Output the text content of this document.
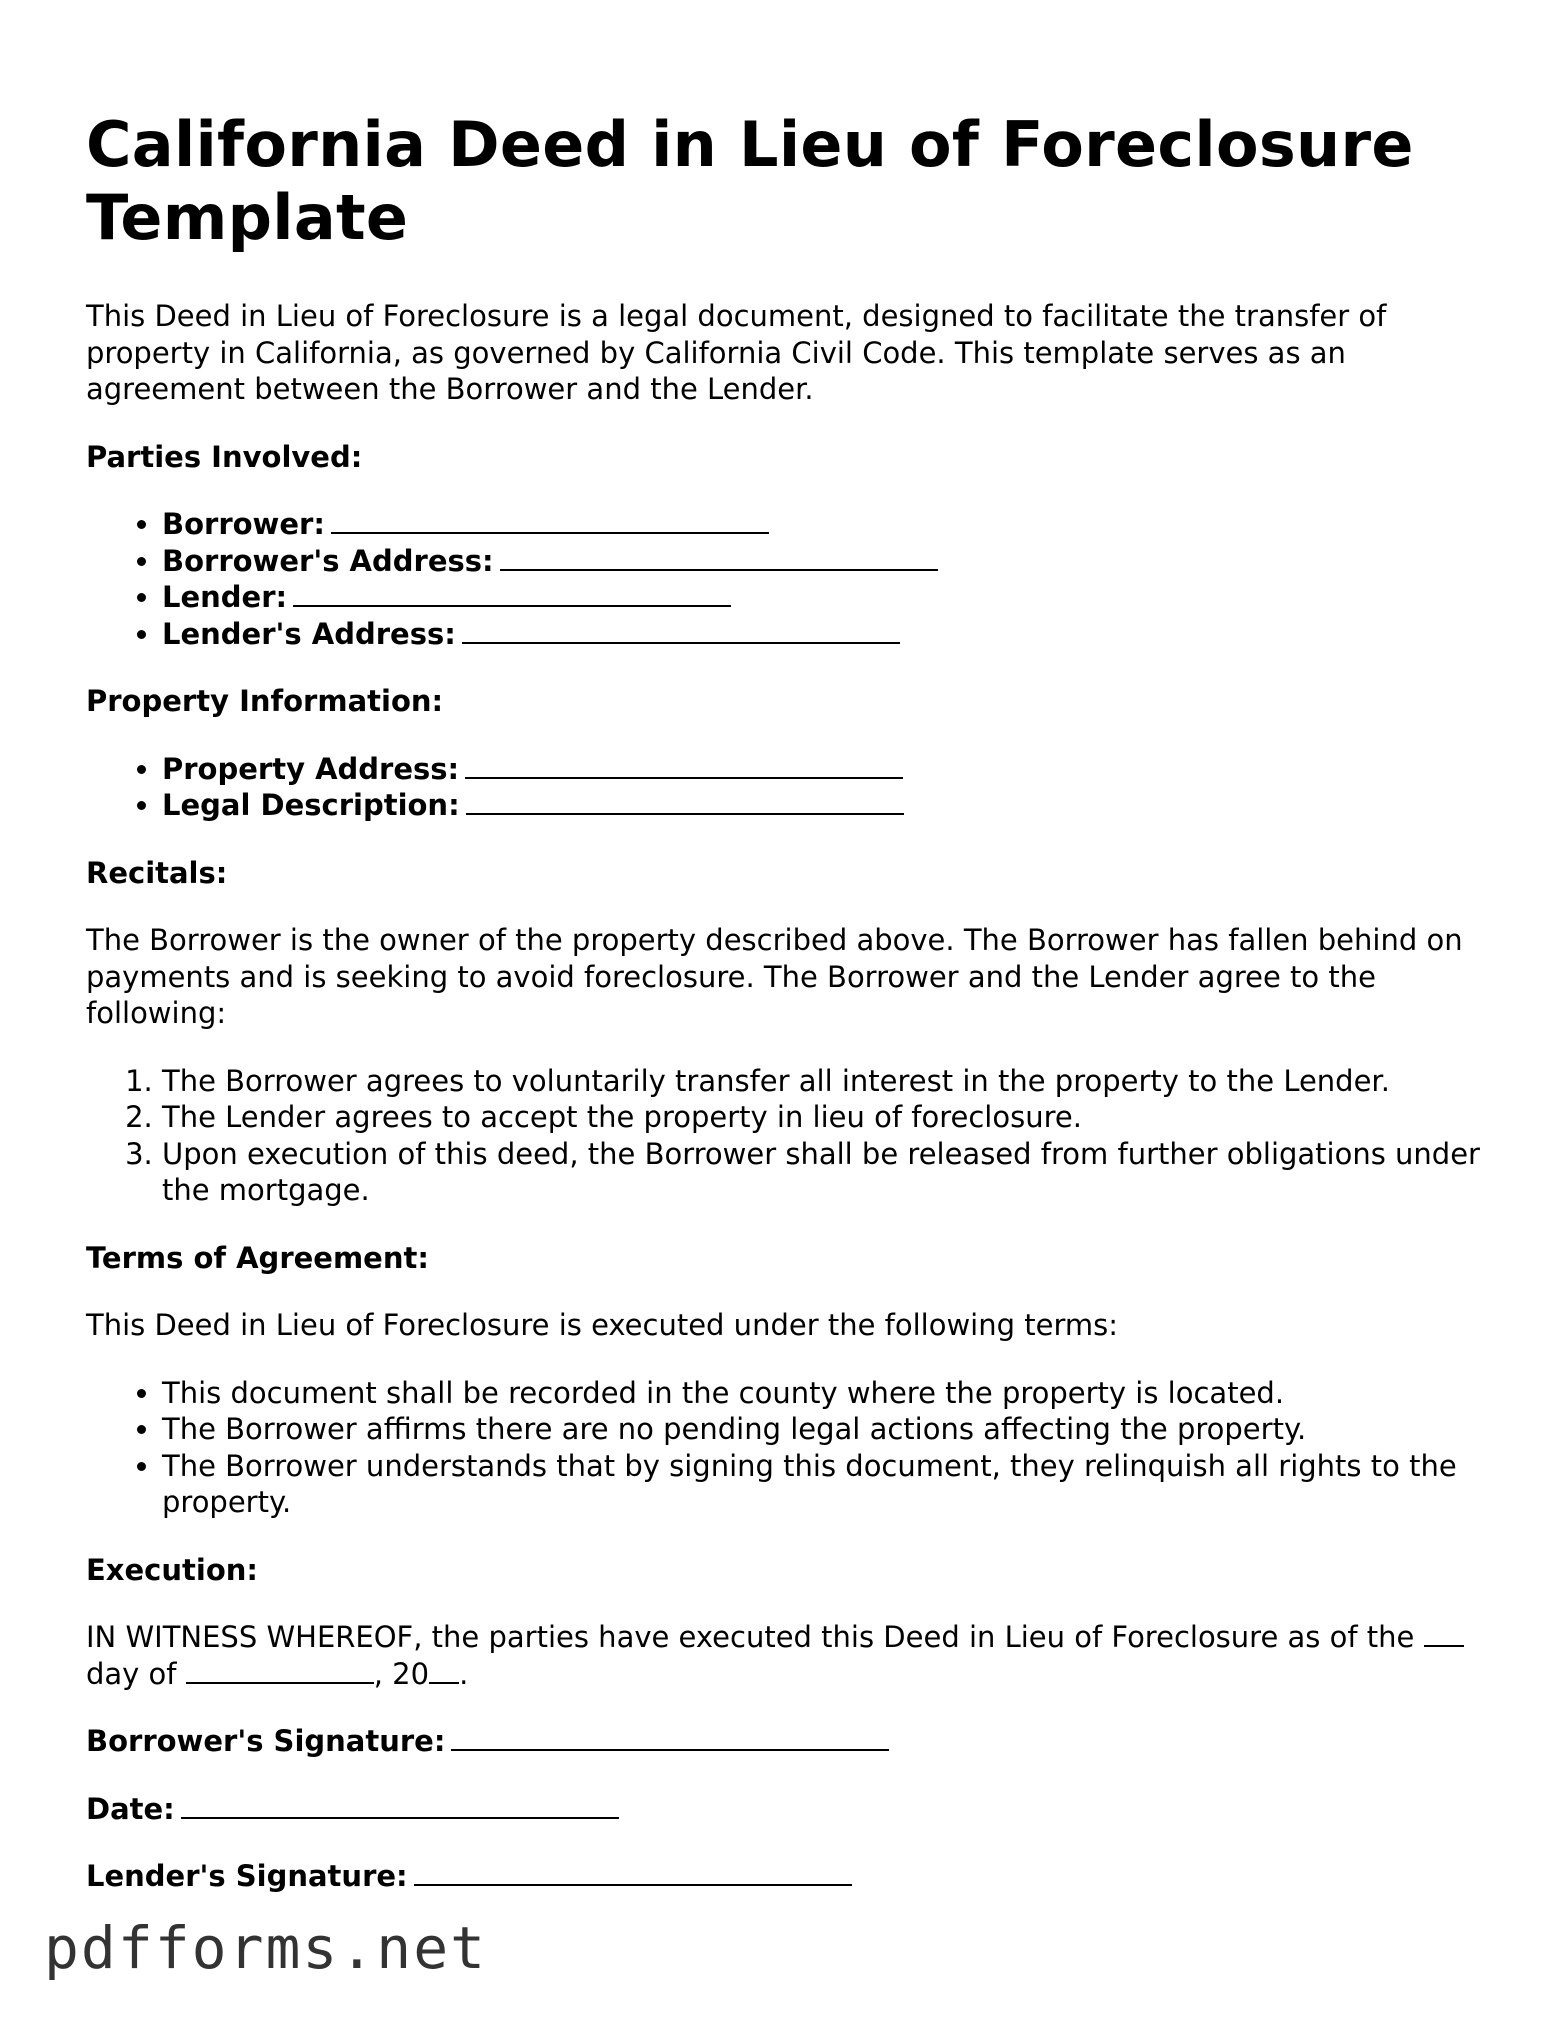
California Deed in Lieu of Foreclosure Template

This Deed in Lieu of Foreclosure is a legal document, designed to facilitate the transfer of property in California, as governed by California Civil Code. This template serves as an agreement between the Borrower and the Lender.

Parties Involved:
• Borrower:
• Borrower's Address:
• Lender:
• Lender's Address:
Property Information:
• Property Address:
• Legal Description:
Recitals:

The Borrower is the owner of the property described above. The Borrower has fallen behind on payments and is seeking to avoid foreclosure. The Borrower and the Lender agree to the following:

1. The Borrower agrees to voluntarily transfer all interest in the property to the Lender.
2. The Lender agrees to accept the property in lieu of foreclosure.
3. Upon execution of this deed, the Borrower shall be released from further obligations under the mortgage.
Terms of Agreement:

This Deed in Lieu of Foreclosure is executed under the following terms:

• This document shall be recorded in the county where the property is located.
• The Borrower affirms there are no pending legal actions affecting the property.
• The Borrower understands that by signing this document, they relinquish all rights to the property.
Execution:

IN WITNESS WHEREOF, the parties have executed this Deed in Lieu of Foreclosure as of the  day of	, 20 .

Borrower's Signature:
Date:
Lender's Signature:
pdfforms.net
